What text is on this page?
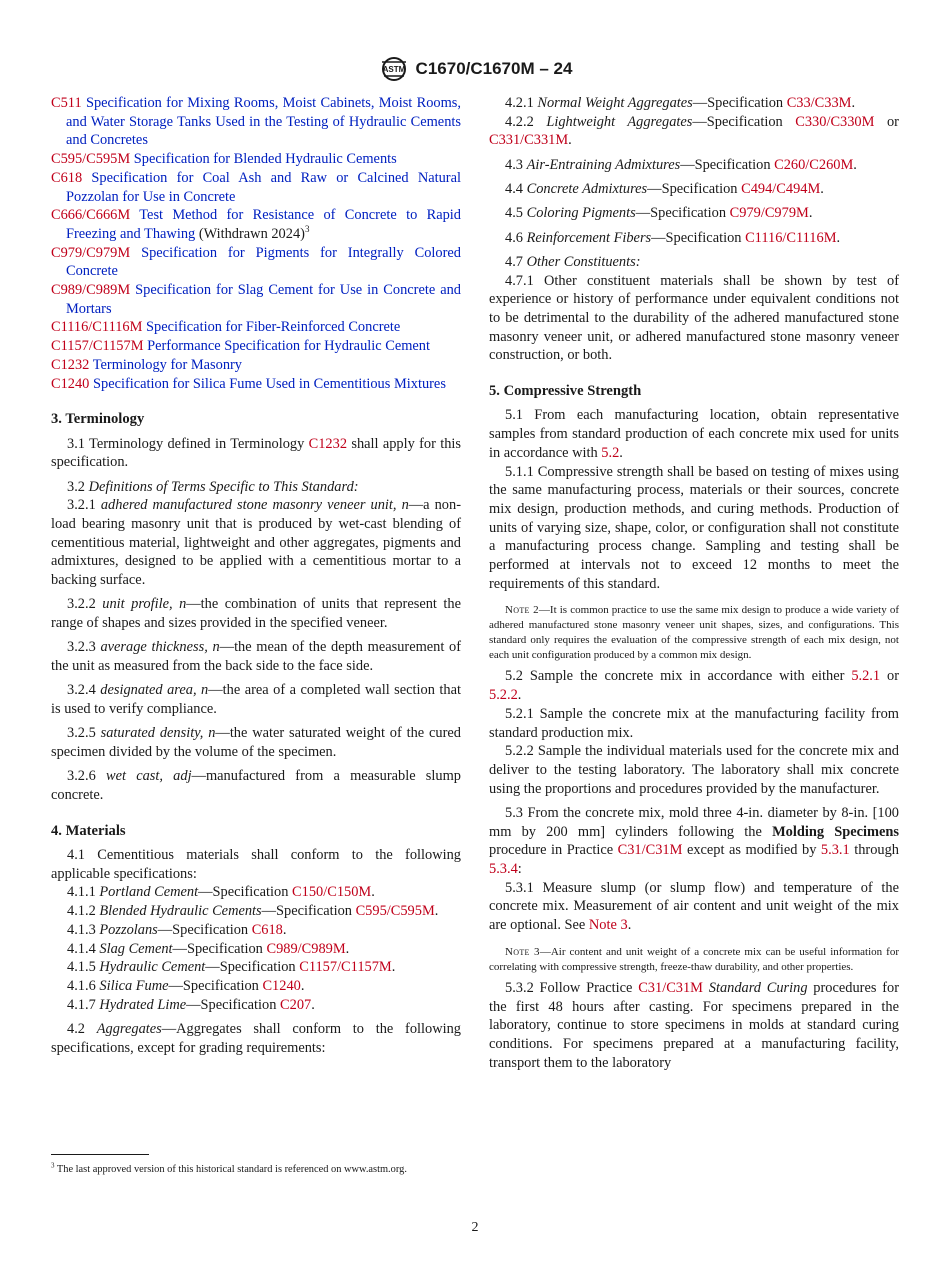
ASTM C1670/C1670M – 24

C511 Specification for Mixing Rooms, Moist Cabinets, Moist Rooms, and Water Storage Tanks Used in the Testing of Hydraulic Cements and Concretes

C595/C595M Specification for Blended Hydraulic Cements

C618 Specification for Coal Ash and Raw or Calcined Natural Pozzolan for Use in Concrete

C666/C666M Test Method for Resistance of Concrete to Rapid Freezing and Thawing (Withdrawn 2024)$^3$

C979/C979M Specification for Pigments for Integrally Colored Concrete

C989/C989M Specification for Slag Cement for Use in Concrete and Mortars

C1116/C1116M Specification for Fiber-Reinforced Concrete

C1157/C1157M Performance Specification for Hydraulic Cement

C1232 Terminology for Masonry

C1240 Specification for Silica Fume Used in Cementitious Mixtures

3. Terminology

3.1 Terminology defined in Terminology C1232 shall apply for this specification.

3.2 Definitions of Terms Specific to This Standard:

3.2.1 adhered manufactured stone masonry veneer unit, n—a non-load bearing masonry unit that is produced by wet-cast blending of cementitious material, lightweight and other aggregates, pigments and admixtures, designed to be applied with a cementitious mortar to a backing surface.

3.2.2 unit profile, n—the combination of units that represent the range of shapes and sizes provided in the specified veneer.

3.2.3 average thickness, n—the mean of the depth measurement of the unit as measured from the back side to the face side.

3.2.4 designated area, n—the area of a completed wall section that is used to verify compliance.

3.2.5 saturated density, n—the water saturated weight of the cured specimen divided by the volume of the specimen.

3.2.6 wet cast, adj—manufactured from a measurable slump concrete.

4. Materials

4.1 Cementitious materials shall conform to the following applicable specifications:

4.1.1 Portland Cement—Specification C150/C150M.

4.1.2 Blended Hydraulic Cements—Specification C595/C595M.

4.1.3 Pozzolans—Specification C618.

4.1.4 Slag Cement—Specification C989/C989M.

4.1.5 Hydraulic Cement—Specification C1157/C1157M.

4.1.6 Silica Fume—Specification C1240.

4.1.7 Hydrated Lime—Specification C207.

4.2 Aggregates—Aggregates shall conform to the following specifications, except for grading requirements:

$^3$ The last approved version of this historical standard is referenced on www.astm.org.

4.2.1 Normal Weight Aggregates—Specification C33/C33M.

4.2.2 Lightweight Aggregates—Specification C330/C330M or C331/C331M.

4.3 Air-Entraining Admixtures—Specification C260/C260M.

4.4 Concrete Admixtures—Specification C494/C494M.

4.5 Coloring Pigments—Specification C979/C979M.

4.6 Reinforcement Fibers—Specification C1116/C1116M.

4.7 Other Constituents:

4.7.1 Other constituent materials shall be shown by test of experience or history of performance under equivalent conditions not to be detrimental to the durability of the adhered manufactured stone masonry veneer unit, or adhered manufactured stone masonry veneer construction, or both.

5. Compressive Strength

5.1 From each manufacturing location, obtain representative samples from standard production of each concrete mix used for units in accordance with 5.2.

5.1.1 Compressive strength shall be based on testing of mixes using the same manufacturing process, materials or their sources, concrete mix design, production methods, and curing methods. Production of units of varying size, shape, color, or configuration shall not constitute a manufacturing process change. Sampling and testing shall be performed at intervals not to exceed 12 months to meet the requirements of this standard.

Note 2—It is common practice to use the same mix design to produce a wide variety of adhered manufactured stone masonry veneer unit shapes, sizes, and configurations. This standard only requires the evaluation of the compressive strength of each mix design, not each unit configuration produced by a common mix design.

5.2 Sample the concrete mix in accordance with either 5.2.1 or 5.2.2.

5.2.1 Sample the concrete mix at the manufacturing facility from standard production mix.

5.2.2 Sample the individual materials used for the concrete mix and deliver to the testing laboratory. The laboratory shall mix concrete using the proportions and procedures provided by the manufacturer.

5.3 From the concrete mix, mold three 4-in. diameter by 8-in. [100 mm by 200 mm] cylinders following the Molding Specimens procedure in Practice C31/C31M except as modified by 5.3.1 through 5.3.4:

5.3.1 Measure slump (or slump flow) and temperature of the concrete mix. Measurement of air content and unit weight of the mix are optional. See Note 3.

Note 3—Air content and unit weight of a concrete mix can be useful information for correlating with compressive strength, freeze-thaw durability, and other properties.

5.3.2 Follow Practice C31/C31M Standard Curing procedures for the first 48 hours after casting. For specimens prepared in the laboratory, continue to store specimens in molds at standard curing conditions. For specimens prepared at a manufacturing facility, transport them to the laboratory

2
